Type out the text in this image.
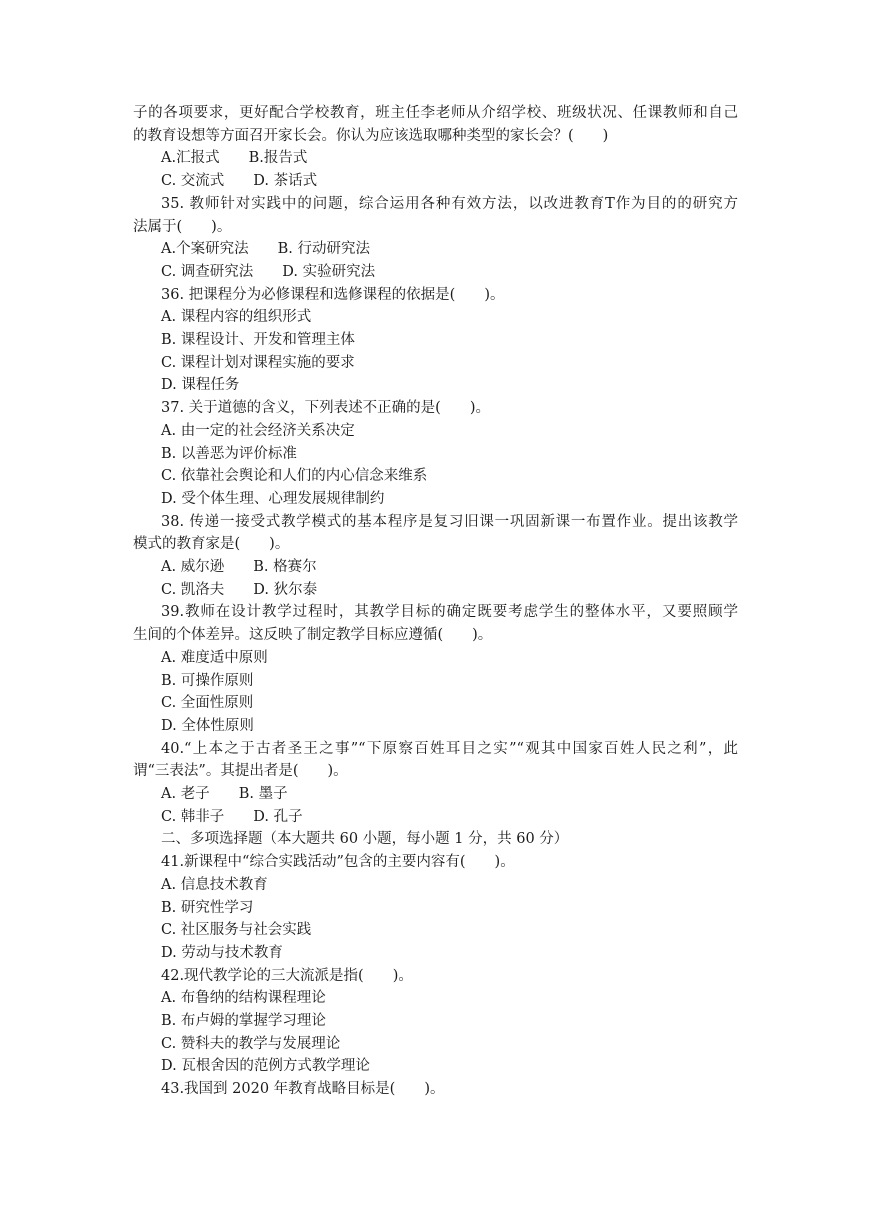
子的各项要求，更好配合学校教育，班主任李老师从介绍学校、班级状况、任课教师和自己
的教育设想等方面召开家长会。你认为应该选取哪种类型的家长会？(　　)
A.汇报式　　B.报告式
C. 交流式　　D. 茶话式
35. 教师针对实践中的问题，综合运用各种有效方法，以改进教育T作为目的的研究方
法属于(　　)。
A.个案研究法　　B. 行动研究法
C. 调查研究法　　D. 实验研究法
36. 把课程分为必修课程和选修课程的依据是(　　)。
A. 课程内容的组织形式
B. 课程设计、开发和管理主体
C. 课程计划对课程实施的要求
D. 课程任务
37. 关于道德的含义，下列表述不正确的是(　　)。
A. 由一定的社会经济关系决定
B. 以善恶为评价标准
C. 依靠社会舆论和人们的内心信念来维系
D. 受个体生理、心理发展规律制约
38. 传递一接受式教学模式的基本程序是复习旧课一巩固新课一布置作业。提出该教学
模式的教育家是(　　)。
A. 威尔逊　　B. 格赛尔
C. 凯洛夫　　D. 狄尔泰
39.教师在设计教学过程时，其教学目标的确定既要考虑学生的整体水平，又要照顾学
生间的个体差异。这反映了制定教学目标应遵循(　　)。
A. 难度适中原则
B. 可操作原则
C. 全面性原则
D. 全体性原则
40.“上本之于古者圣王之事”“下原察百姓耳目之实”“观其中国家百姓人民之利”，此
谓“三表法”。其提出者是(　　)。
A. 老子　　B. 墨子
C. 韩非子　　D. 孔子
二、多项选择题（本大题共 60 小题，每小题 1 分，共 60 分）
41.新课程中“综合实践活动”包含的主要内容有(　　)。
A. 信息技术教育
B. 研究性学习
C. 社区服务与社会实践
D. 劳动与技术教育
42.现代教学论的三大流派是指(　　)。
A. 布鲁纳的结构课程理论
B. 布卢姆的掌握学习理论
C. 赞科夫的教学与发展理论
D. 瓦根舍因的范例方式教学理论
43.我国到 2020 年教育战略目标是(　　)。
